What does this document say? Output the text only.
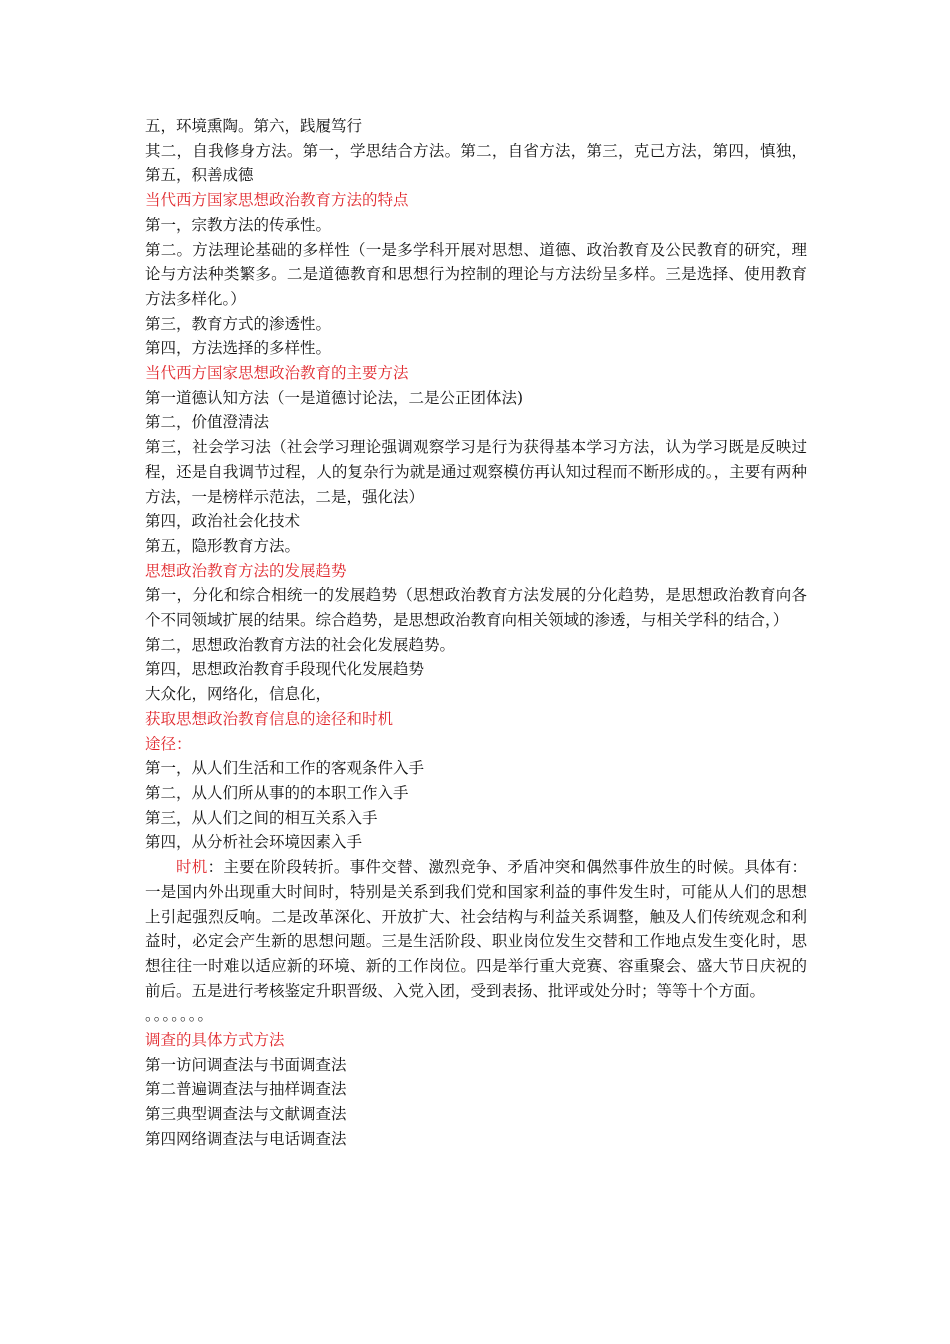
五，环境熏陶。第六，践履笃行
其二，自我修身方法。第一，学思结合方法。第二，自省方法，第三，克己方法，第四，慎独，第五，积善成德
当代西方国家思想政治教育方法的特点
第一，宗教方法的传承性。
第二。方法理论基础的多样性（一是多学科开展对思想、道德、政治教育及公民教育的研究，理论与方法种类繁多。二是道德教育和思想行为控制的理论与方法纷呈多样。三是选择、使用教育方法多样化。）
第三，教育方式的渗透性。
第四，方法选择的多样性。
当代西方国家思想政治教育的主要方法
第一道德认知方法（一是道德讨论法，二是公正团体法)
第二，价值澄清法
第三，社会学习法（社会学习理论强调观察学习是行为获得基本学习方法，认为学习既是反映过程，还是自我调节过程，人的复杂行为就是通过观察模仿再认知过程而不断形成的。，主要有两种方法，一是榜样示范法，二是，强化法）
第四，政治社会化技术
第五，隐形教育方法。
思想政治教育方法的发展趋势
第一，分化和综合相统一的发展趋势（思想政治教育方法发展的分化趋势，是思想政治教育向各个不同领域扩展的结果。综合趋势，是思想政治教育向相关领域的渗透，与相关学科的结合，）
第二，思想政治教育方法的社会化发展趋势。
第四，思想政治教育手段现代化发展趋势
大众化，网络化，信息化，
获取思想政治教育信息的途径和时机
途径：
第一，从人们生活和工作的客观条件入手
第二，从人们所从事的的本职工作入手
第三，从人们之间的相互关系入手
第四，从分析社会环境因素入手
时机：主要在阶段转折。事件交替、激烈竞争、矛盾冲突和偶然事件放生的时候。具体有：一是国内外出现重大时间时，特别是关系到我们党和国家利益的事件发生时，可能从人们的思想上引起强烈反响。二是改革深化、开放扩大、社会结构与利益关系调整，触及人们传统观念和利益时，必定会产生新的思想问题。三是生活阶段、职业岗位发生交替和工作地点发生变化时，思想往往一时难以适应新的环境、新的工作岗位。四是举行重大竞赛、容重聚会、盛大节日庆祝的前后。五是进行考核鉴定升职晋级、入党入团，受到表扬、批评或处分时；等等十个方面。
。。。。。。。
调查的具体方式方法
第一访问调查法与书面调查法
第二普遍调查法与抽样调查法
第三典型调查法与文献调查法
第四网络调查法与电话调查法
